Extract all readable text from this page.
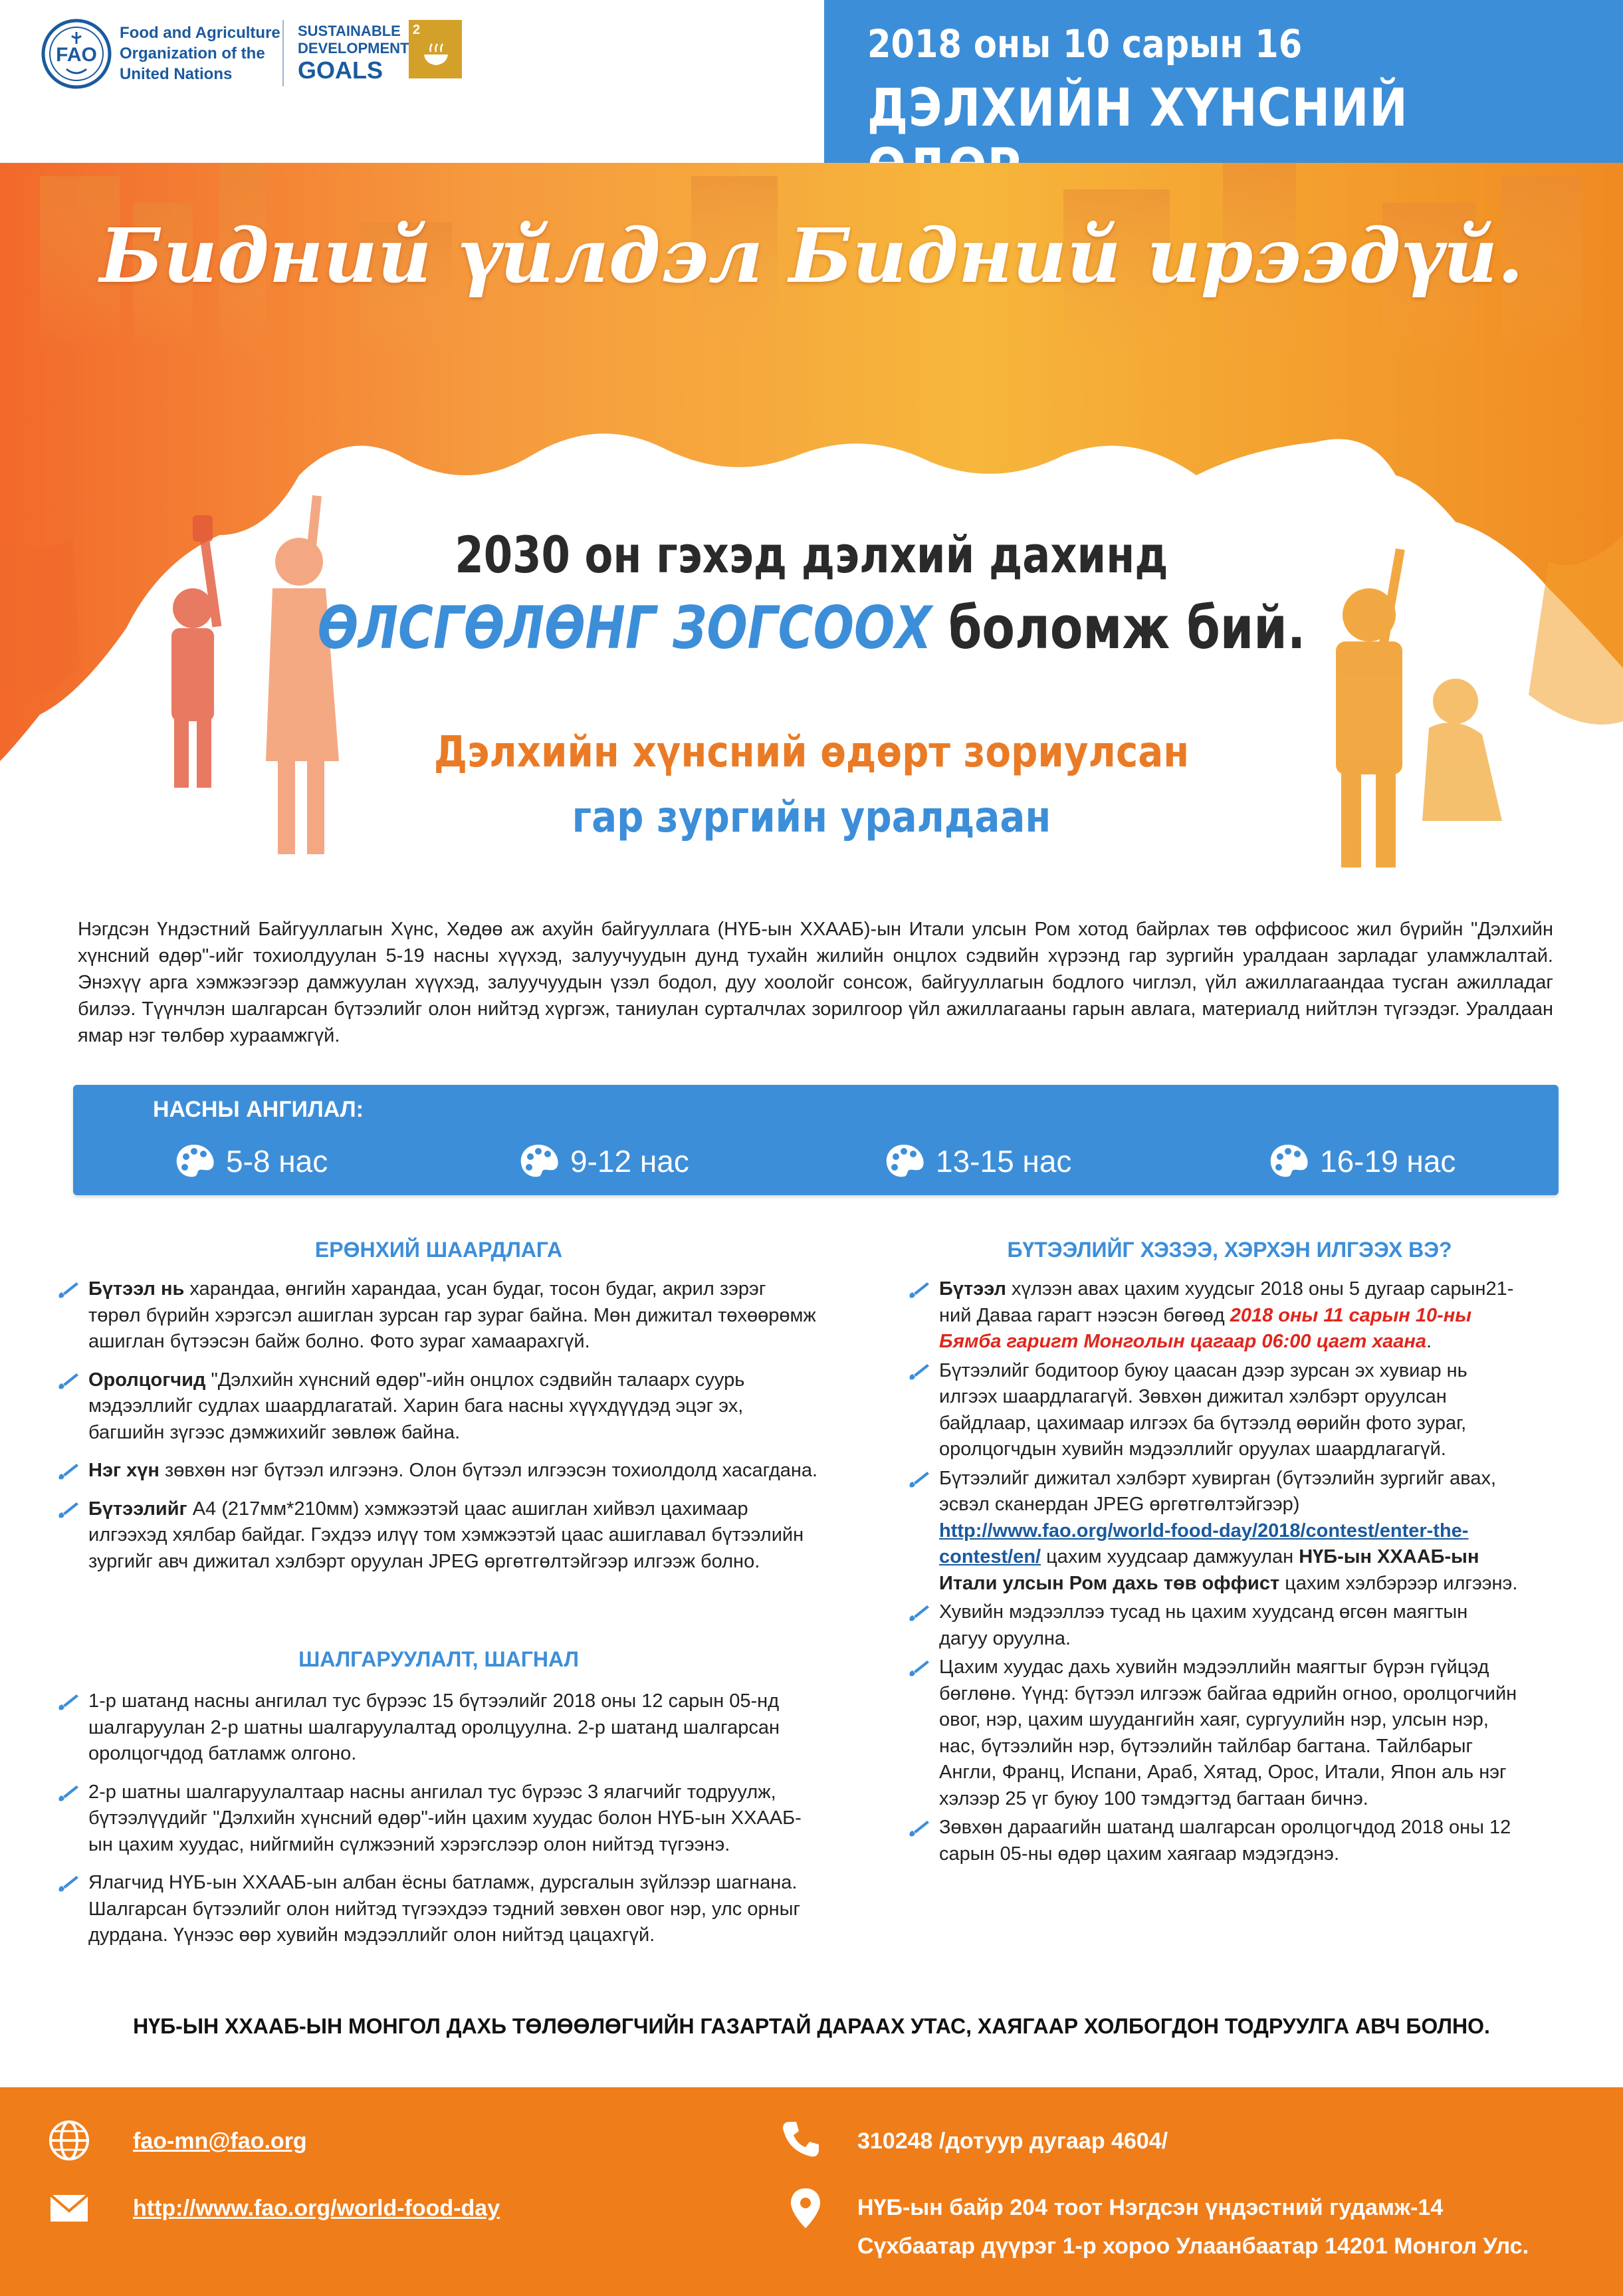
FAO
Food and Agriculture
Organization of the
United Nations
SUSTAINABLE
DEVELOPMENT
GOALS
2	2018 оны 10 сарын 16
ДЭЛХИЙН ХҮНСНИЙ
Бидний үйлдэл Бидний ирээдүй.
2030 он гэхэд дэлхий дахинд
ӨЛСГӨЛӨНГ ЗОГСООХ боломж бий.
Дэлхийн хүнсний өдөрт зориулсан
гар зургийн уралдаан
Нэгдсэн Үндэстний Байгууллагын Хүнс, Хөдөө аж ахуйн байгууллага (НҮБ-ын ХХААБ)-ын Итали улсын Ром хотод байрлах төв оффисоос жил бүрийн "Дэлхийн хүнсний өдөр"-ийг тохиолдуулан 5-19 насны хүүхэд, залуучуудын дунд тухайн жилийн онцлох сэдвийн хүрээнд гар зургийн уралдаан зарладаг уламжлалтай. Энэхүү арга хэмжээгээр дамжуулан хүүхэд, залуучуудын үзэл бодол, дуу хоолойг сонсож, байгууллагын бодлого чиглэл, үйл ажиллагаандаа тусган ажилладаг билээ. Түүнчлэн шалгарсан бүтээлийг олон нийтэд хүргэж, таниулан сурталчлах зорилгоор үйл ажиллагааны гарын авлага, материалд нийтлэн түгээдэг. Уралдаан ямар нэг төлбөр хураамжгүй.
НАСНЫ АНГИЛАЛ:
5-8 нас	9-12 нас	13-15 нас	16-19 нас
ЕРӨНХИЙ ШААРДЛАГА
Бүтээл нь харандаа, өнгийн харандаа, усан будаг, тосон будаг, акрил зэрэг төрөл бүрийн хэрэгсэл ашиглан зурсан гар зураг байна. Мөн дижитал төхөөрөмж ашиглан бүтээсэн байж болно. Фото зураг хамаарахгүй.
Оролцогчид "Дэлхийн хүнсний өдөр"-ийн онцлох сэдвийн талаарх суурь мэдээллийг судлах шаардлагатай. Харин бага насны хүүхдүүдэд эцэг эх, багшийн зүгээс дэмжихийг зөвлөж байна.
Нэг хүн зөвхөн нэг бүтээл илгээнэ. Олон бүтээл илгээсэн тохиолдолд хасагдана.
Бүтээлийг А4 (217мм*210мм) хэмжээтэй цаас ашиглан хийвэл цахимаар илгээхэд хялбар байдаг. Гэхдээ илүү том хэмжээтэй цаас ашиглавал бүтээлийн зургийг авч дижитал хэлбэрт оруулан JPEG өргөтгөлтэйгээр илгээж болно.
ШАЛГАРУУЛАЛТ, ШАГНАЛ
1-р шатанд насны ангилал тус бүрээс 15 бүтээлийг 2018 оны 12 сарын 05-нд шалгаруулан 2-р шатны шалгаруулалтад оролцуулна. 2-р шатанд шалгарсан оролцогчдод батламж олгоно.
2-р шатны шалгаруулалтаар насны ангилал тус бүрээс 3 ялагчийг тодруулж, бүтээлүүдийг "Дэлхийн хүнсний өдөр"-ийн цахим хуудас болон НҮБ-ын ХХААБ-ын цахим хуудас, нийгмийн сүлжээний хэрэгслээр олон нийтэд түгээнэ.
Ялагчид НҮБ-ын ХХААБ-ын албан ёсны батламж, дурсгалын зүйлээр шагнана. Шалгарсан бүтээлийг олон нийтэд түгээхдээ тэдний зөвхөн овог нэр, улс орныг дурдана. Үүнээс өөр хувийн мэдээллийг олон нийтэд цацахгүй.
БҮТЭЭЛИЙГ ХЭЗЭЭ, ХЭРХЭН ИЛГЭЭХ ВЭ?
Бүтээл хүлээн авах цахим хуудсыг 2018 оны 5 дугаар сарын21-ний Даваа гарагт нээсэн бөгөөд 2018 оны 11 сарын 10-ны Бямба гаригт Монголын цагаар 06:00 цагт хаана.
Бүтээлийг бодитоор буюу цаасан дээр зурсан эх хувиар нь илгээх шаардлагагүй. Зөвхөн дижитал хэлбэрт оруулсан байдлаар, цахимаар илгээх ба бүтээлд өөрийн фото зураг, оролцогчдын хувийн мэдээллийг оруулах шаардлагагүй.
Бүтээлийг дижитал хэлбэрт хувирган (бүтээлийн зургийг авах, эсвэл сканердан JPEG өргөтгөлтэйгээр) http://www.fao.org/world-food-day/2018/contest/enter-the-contest/en/ цахим хуудсаар дамжуулан НҮБ-ын ХХААБ-ын Итали улсын Ром дахь төв оффист цахим хэлбэрээр илгээнэ.
Хувийн мэдээллээ тусад нь цахим хуудсанд өгсөн маягтын дагуу оруулна.
Цахим хуудас дахь хувийн мэдээллийн маягтыг бүрэн гүйцэд бөглөнө. Үүнд: бүтээл илгээж байгаа өдрийн огноо, оролцогчийн овог, нэр, цахим шуудангийн хаяг, сургуулийн нэр, улсын нэр, нас, бүтээлийн нэр, бүтээлийн тайлбар багтана. Тайлбарыг Англи, Франц, Испани, Араб, Хятад, Орос, Итали, Япон аль нэг хэлээр 25 үг буюу 100 тэмдэгтэд багтаан бичнэ.
Зөвхөн дараагийн шатанд шалгарсан оролцогчдод 2018 оны 12 сарын 05-ны өдөр цахим хаягаар мэдэгдэнэ.
НҮБ-ЫН ХХААБ-ЫН МОНГОЛ ДАХЬ ТӨЛӨӨЛӨГЧИЙН ГАЗАРТАЙ ДАРААХ УТАС, ХАЯГААР ХОЛБОГДОН ТОДРУУЛГА АВЧ БОЛНО.
fao-mn@fao.org
http://www.fao.org/world-food-day
310248 /дотуур дугаар 4604/
НҮБ-ын байр 204 тоот Нэгдсэн үндэстний гудамж-14
Сүхбаатар дүүрэг 1-р хороо Улаанбаатар 14201 Монгол Улс.
